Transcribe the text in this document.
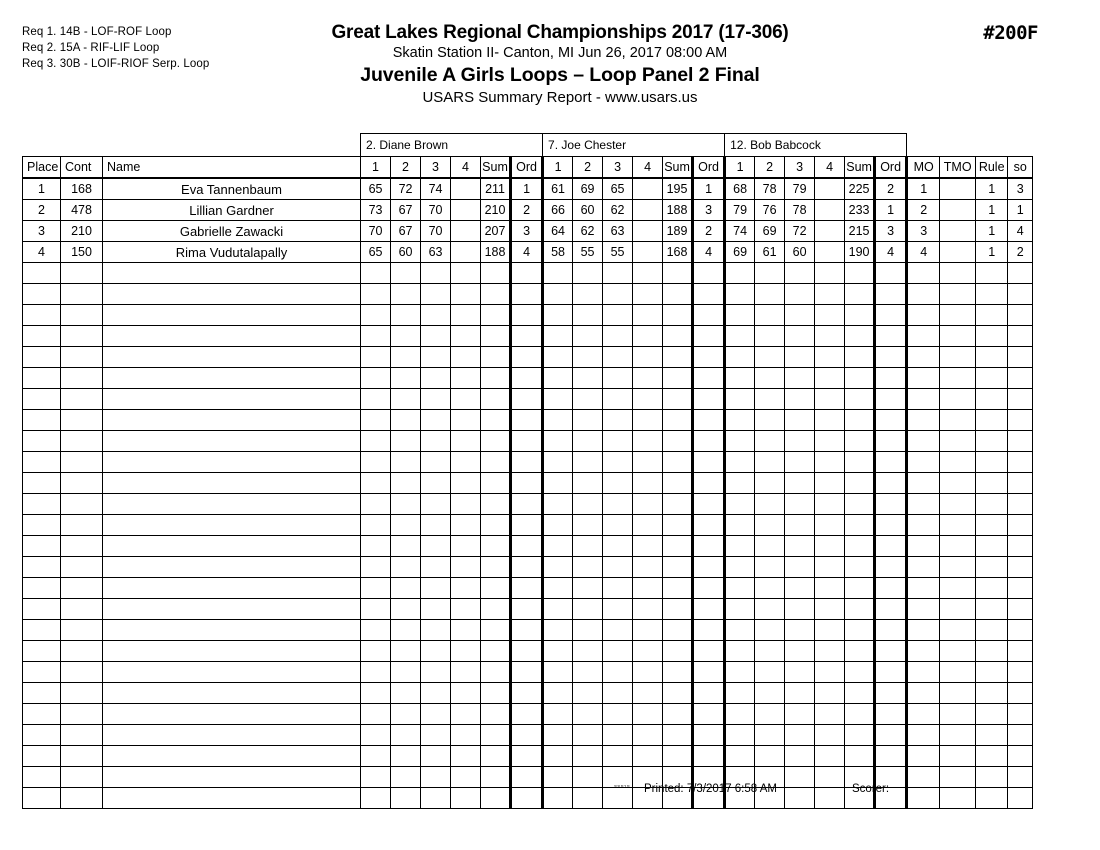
Req 1. 14B - LOF-ROF Loop
Req 2. 15A - RIF-LIF Loop
Req 3. 30B - LOIF-RIOF Serp. Loop
Great Lakes Regional Championships 2017 (17-306)
Skatin Station II- Canton, MI Jun 26, 2017 08:00 AM
Juvenile A Girls Loops – Loop Panel 2 Final
USARS Summary Report - www.usars.us
#200F
			2. Diane Brown						7. Joe Chester						12. Bob Babcock									
Place	Cont	Name	1	2	3	4	Sum	Ord	1	2	3	4	Sum	Ord	1	2	3	4	Sum	Ord	MO	TMO	Rule	so
1	168	Eva Tannenbaum	65	72	74		211	1	61	69	65		195	1	68	78	79		225	2	1		1	3
2	478	Lillian Gardner	73	67	70		210	2	66	60	62		188	3	79	76	78		233	1	2		1	1
3	210	Gabrielle Zawacki	70	67	70		207	3	64	62	63		189	2	74	69	72		215	3	3		1	4
4	150	Rima Vudutalapally	65	60	63		188	4	58	55	55		168	4	69	61	60		190	4	4		1	2

SSS1S Printed: 7/3/2017 6:58 AM	Scorer:
